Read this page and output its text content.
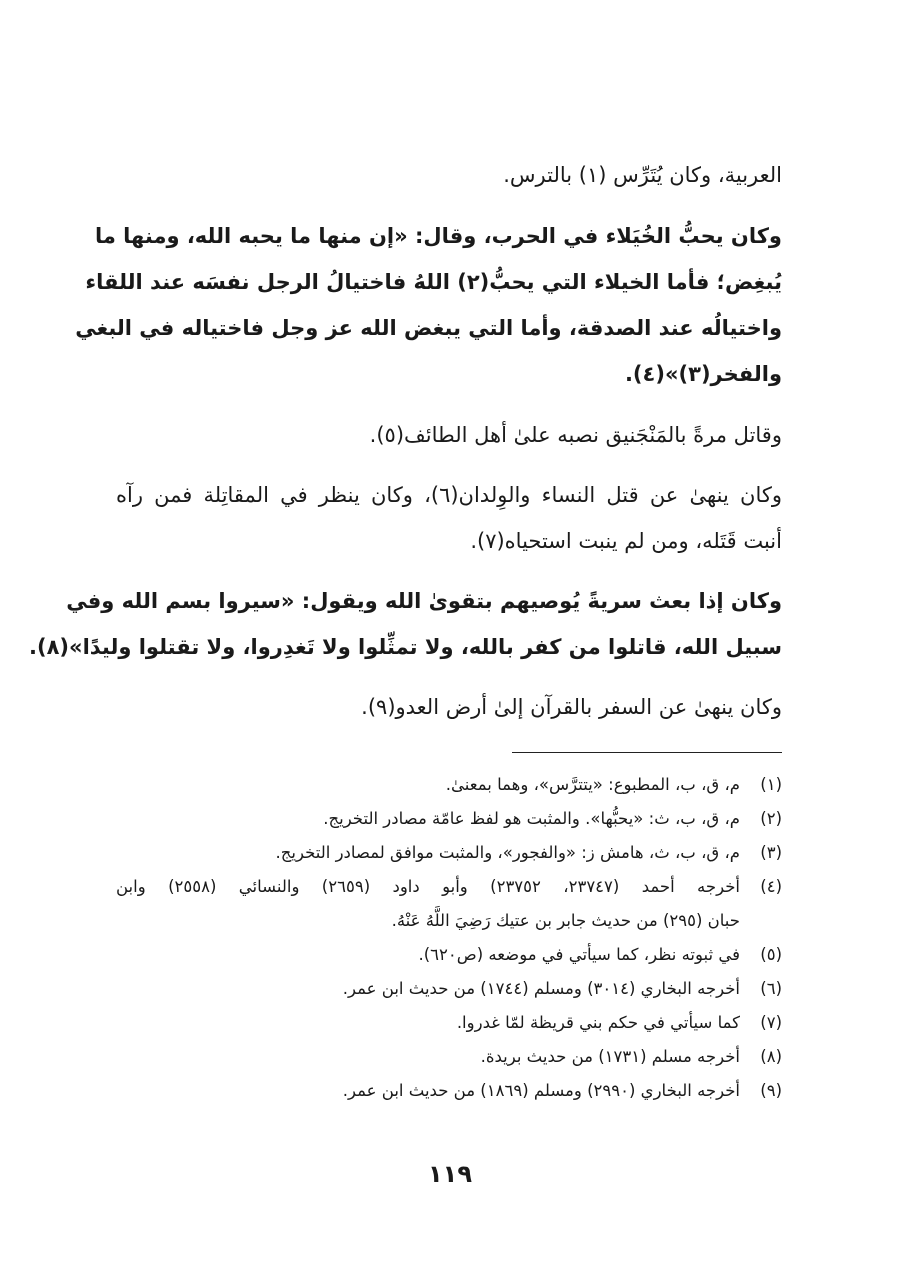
العربية، وكان يُتَرِّس (١) بالترس.
وكان يحبُّ الخُيَلاء في الحرب، وقال: «إن منها ما يحبه الله، ومنها ما
يُبغِض؛ فأما الخيلاء التي يحبُّ(٢) اللهُ فاختيالُ الرجل نفسَه عند اللقاء
واختيالُه عند الصدقة، وأما التي يبغض الله عز وجل فاختياله في البغي
والفخر(٣)»(٤).
وقاتل مرةً بالمَنْجَنيق نصبه علىٰ أهل الطائف(٥).
وكان ينهىٰ عن قتل النساء والوِلدان(٦)، وكان ينظر في المقاتِلة فمن رآه
أنبت قَتَله، ومن لم ينبت استحياه(٧).
وكان إذا بعث سريةً يُوصيهم بتقوىٰ الله ويقول: «سيروا بسم الله وفي
سبيل الله، قاتلوا من كفر بالله، ولا تمثِّلوا ولا تَغدِروا، ولا تقتلوا وليدًا»(٨).
وكان ينهىٰ عن السفر بالقرآن إلىٰ أرض العدو(٩).
(١)
م، ق، ب، المطبوع: «يتترَّس»، وهما بمعنىٰ.
(٢)
م، ق، ب، ث: «يحبُّها». والمثبت هو لفظ عامّة مصادر التخريج.
(٣)
م، ق، ب، ث، هامش ز: «والفجور»، والمثبت موافق لمصادر التخريج.
(٤)
أخرجه أحمد (٢٣٧٤٧، ٢٣٧٥٢) وأبو داود (٢٦٥٩) والنسائي (٢٥٥٨) وابن
حبان (٢٩٥) من حديث جابر بن عتيك رَضِيَ اللَّهُ عَنْهُ.
(٥)
في ثبوته نظر، كما سيأتي في موضعه (ص٦٢٠).
(٦)
أخرجه البخاري (٣٠١٤) ومسلم (١٧٤٤) من حديث ابن عمر.
(٧)
كما سيأتي في حكم بني قريظة لمّا غدروا.
(٨)
أخرجه مسلم (١٧٣١) من حديث بريدة.
(٩)
أخرجه البخاري (٢٩٩٠) ومسلم (١٨٦٩) من حديث ابن عمر.
١١٩
